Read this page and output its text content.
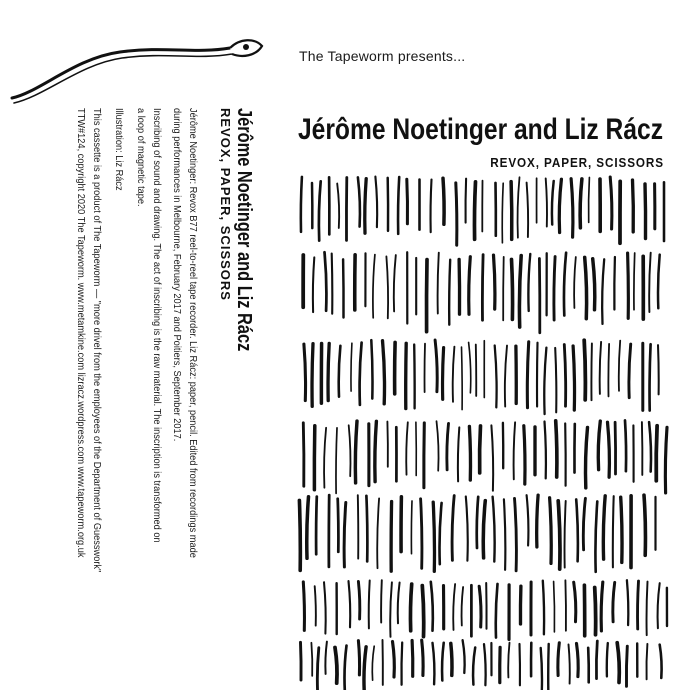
The Tapeworm presents...
Jérôme Noetinger and Liz Rácz
REVOX, PAPER, SCISSORS
Jérôme Noetinger and Liz Rácz
REVOX, PAPER, SCISSORS
Jérôme Noetinger: Revox B77 reel-to-reel tape recorder. Liz Rácz: paper, pencil. Edited from recordings made
during performances in Melbourne, February 2017 and Poitiers, September 2017.
Inscribing of sound and drawing. The act of inscribing is the raw material. The inscription is transformed on
a loop of magnetic tape.
Illustration: Liz Rácz
This cassette is a product of The Tapeworm — "more drivel from the employees of the Department of Guesswork"
TTW#124, copyright 2020 The Tapeworm. www.metamkine.com lizracz.wordpress.com www.tapeworm.org.uk
